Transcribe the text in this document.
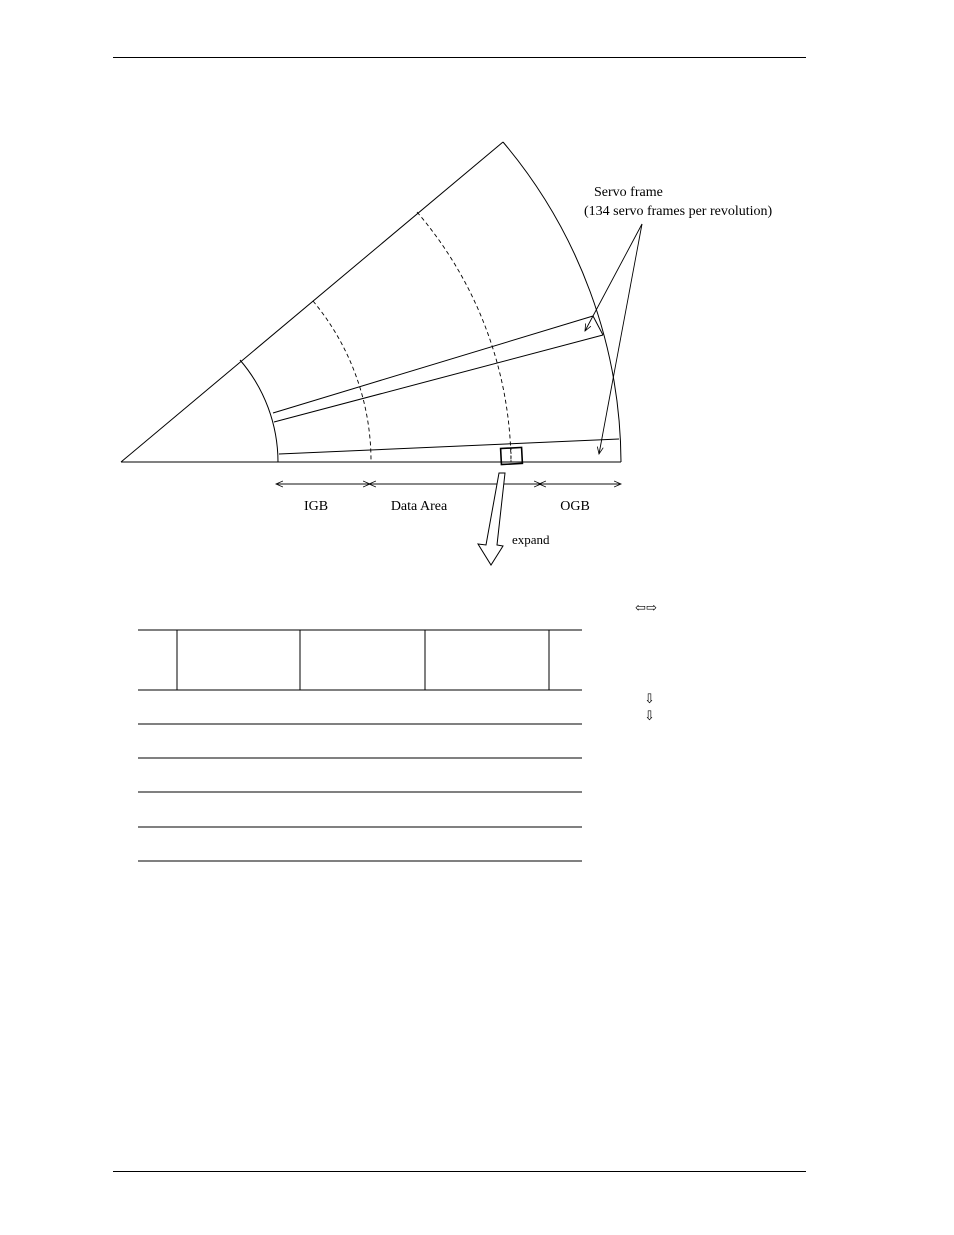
Servo frame
(134 servo frames per revolution)
IGB	Data Area	OGB
expand
⇦⇨
⇩
⇩
